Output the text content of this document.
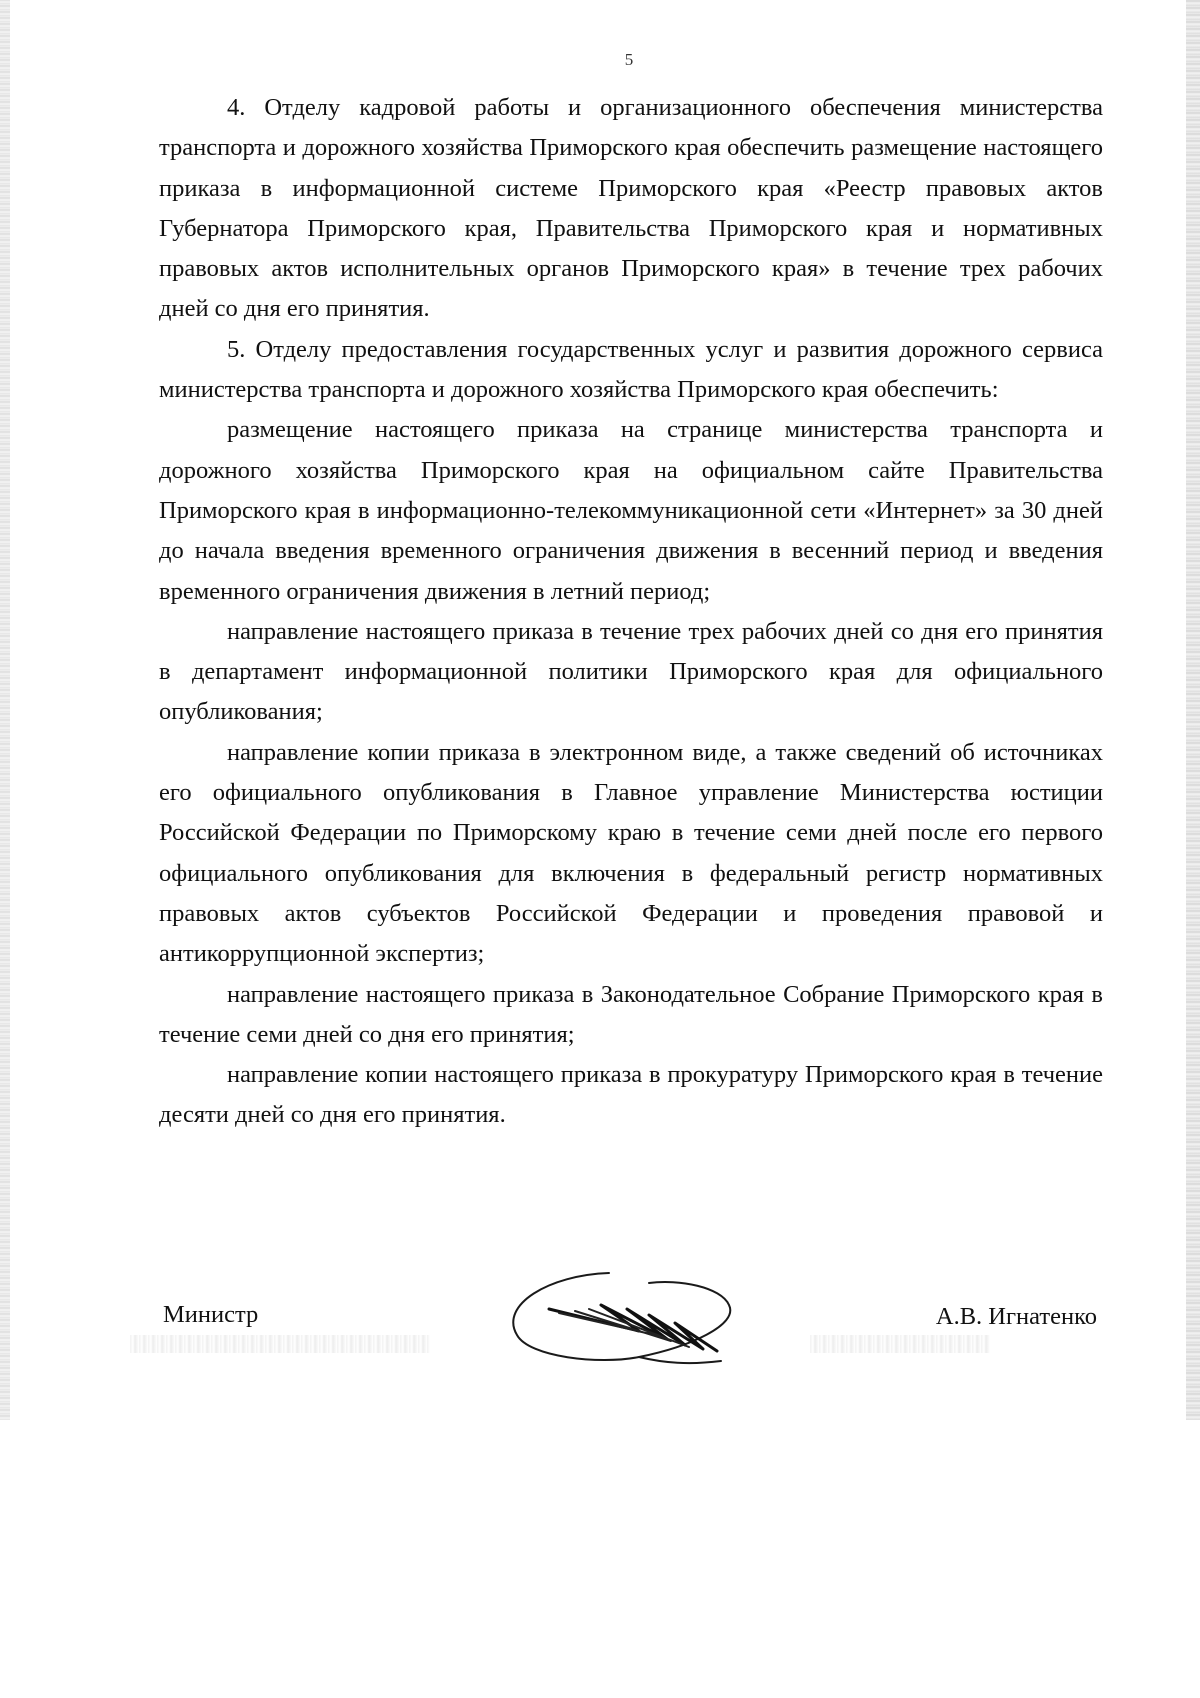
5

4. Отделу кадровой работы и организационного обеспечения министерства транспорта и дорожного хозяйства Приморского края обеспечить размещение настоящего приказа в информационной системе Приморского края «Реестр правовых актов Губернатора Приморского края, Правительства Приморского края и нормативных правовых актов исполнительных органов Приморского края» в течение трех рабочих дней со дня его принятия.

5. Отделу предоставления государственных услуг и развития дорожного сервиса министерства транспорта и дорожного хозяйства Приморского края обеспечить:

размещение настоящего приказа на странице министерства транспорта и дорожного хозяйства Приморского края на официальном сайте Правительства Приморского края в информационно-телекоммуникационной сети «Интернет» за 30 дней до начала введения временного ограничения движения в весенний период и введения временного ограничения движения в летний период;

направление настоящего приказа в течение трех рабочих дней со дня его принятия в департамент информационной политики Приморского края для официального опубликования;

направление копии приказа в электронном виде, а также сведений об источниках его официального опубликования в Главное управление Министерства юстиции Российской Федерации по Приморскому краю в течение семи дней после его первого официального опубликования для включения в федеральный регистр нормативных правовых актов субъектов Российской Федерации и проведения правовой и антикоррупционной экспертиз;

направление настоящего приказа в Законодательное Собрание Приморского края в течение семи дней со дня его принятия;

направление копии настоящего приказа в прокуратуру Приморского края в течение десяти дней со дня его принятия.

Министр	А.В. Игнатенко
